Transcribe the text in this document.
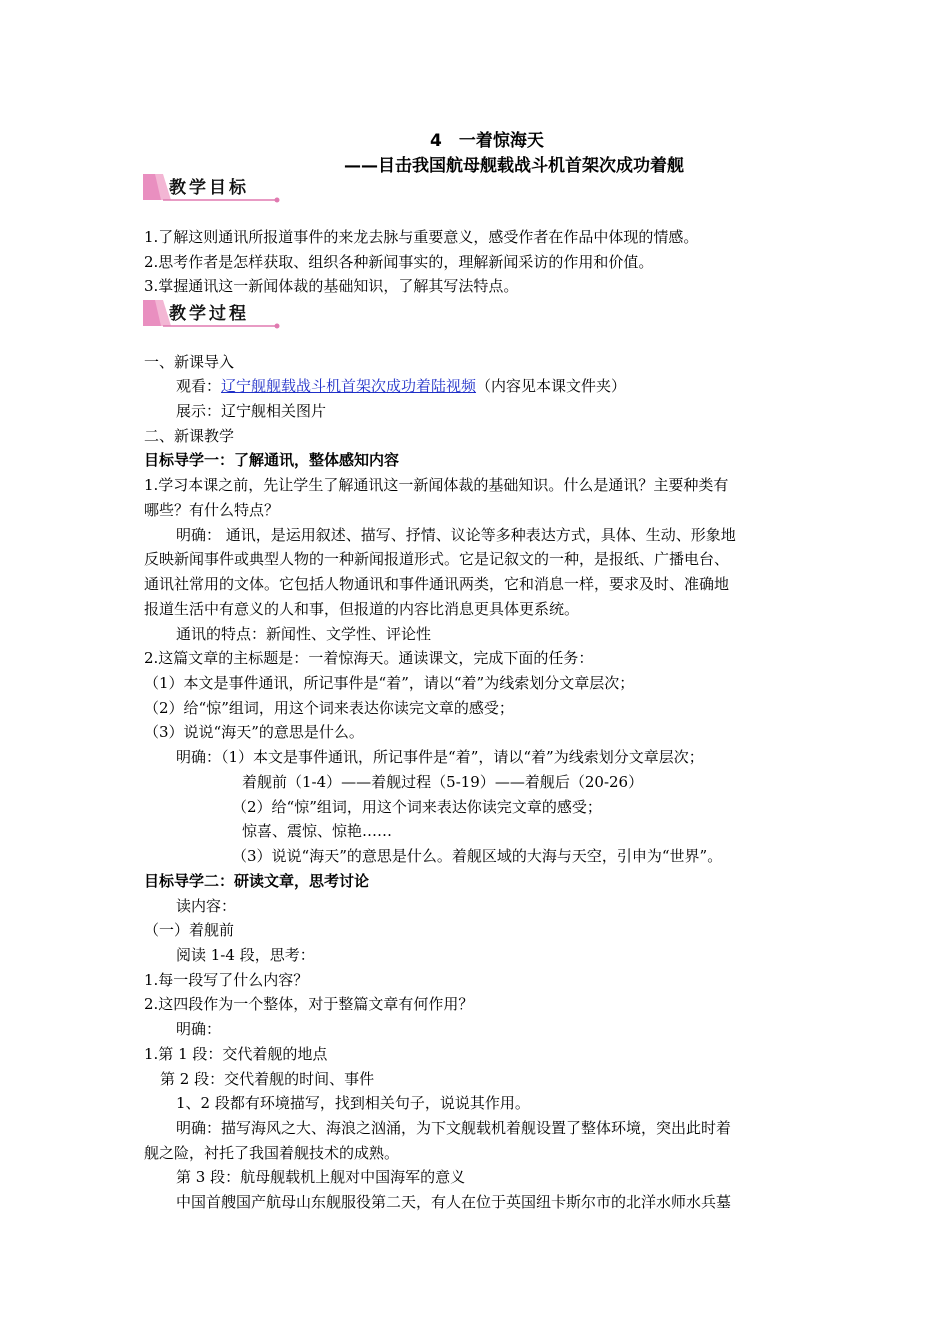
4　一着惊海天
——目击我国航母舰载战斗机首架次成功着舰
教学目标
1.了解这则通讯所报道事件的来龙去脉与重要意义，感受作者在作品中体现的情感。
2.思考作者是怎样获取、组织各种新闻事实的，理解新闻采访的作用和价值。
3.掌握通讯这一新闻体裁的基础知识，了解其写法特点。
教学过程
一、新课导入
观看：辽宁舰舰载战斗机首架次成功着陆视频（内容见本课文件夹）
展示：辽宁舰相关图片
二、新课教学
目标导学一：了解通讯，整体感知内容
1.学习本课之前，先让学生了解通讯这一新闻体裁的基础知识。什么是通讯？主要种类有
哪些？有什么特点？
明确： 通讯，是运用叙述、描写、抒情、议论等多种表达方式，具体、生动、形象地
反映新闻事件或典型人物的一种新闻报道形式。它是记叙文的一种，是报纸、广播电台、
通讯社常用的文体。它包括人物通讯和事件通讯两类，它和消息一样，要求及时、准确地
报道生活中有意义的人和事，但报道的内容比消息更具体更系统。
通讯的特点：新闻性、文学性、评论性
2.这篇文章的主标题是：一着惊海天。通读课文，完成下面的任务：
（1）本文是事件通讯，所记事件是“着”，请以“着”为线索划分文章层次；
（2）给“惊”组词，用这个词来表达你读完文章的感受；
（3）说说“海天”的意思是什么。
明确：（1）本文是事件通讯，所记事件是“着”，请以“着”为线索划分文章层次；
着舰前（1-4）——着舰过程（5-19）——着舰后（20-26）
（2）给“惊”组词，用这个词来表达你读完文章的感受；
惊喜、震惊、惊艳……
（3）说说“海天”的意思是什么。着舰区域的大海与天空，引申为“世界”。
目标导学二：研读文章，思考讨论
读内容：
（一）着舰前
阅读 1-4 段，思考：
1.每一段写了什么内容？
2.这四段作为一个整体，对于整篇文章有何作用？
明确：
1.第 1 段：交代着舰的地点
第 2 段：交代着舰的时间、事件
1、2 段都有环境描写，找到相关句子，说说其作用。
明确：描写海风之大、海浪之汹涌，为下文舰载机着舰设置了整体环境，突出此时着
舰之险，衬托了我国着舰技术的成熟。
第 3 段：航母舰载机上舰对中国海军的意义
中国首艘国产航母山东舰服役第二天，有人在位于英国纽卡斯尔市的北洋水师水兵墓
